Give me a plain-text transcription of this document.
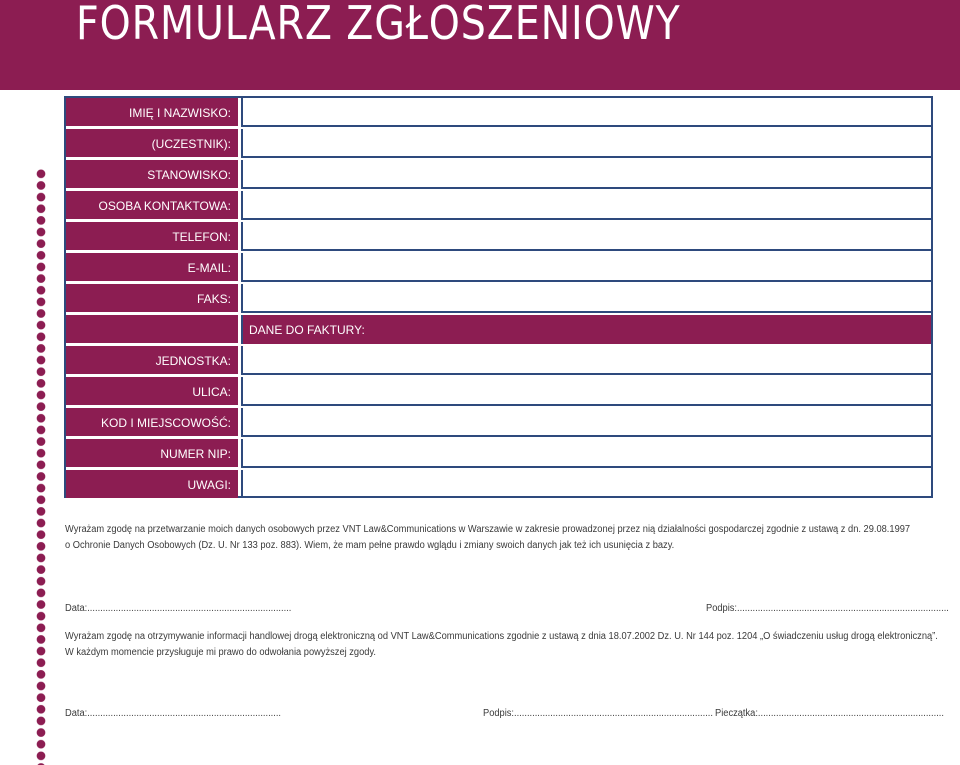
FORMULARZ ZGŁOSZENIOWY
IMIĘ I NAZWISKO:
(UCZESTNIK):
STANOWISKO:
OSOBA KONTAKTOWA:
TELEFON:
E-MAIL:
FAKS:
DANE DO FAKTURY:
JEDNOSTKA:
ULICA:
KOD I MIEJSCOWOŚĆ:
NUMER NIP:
UWAGI:
Wyrażam zgodę na przetwarzanie moich danych osobowych przez VNT Law&Communications w Warszawie w zakresie prowadzonej przez nią działalności gospodarczej zgodnie z ustawą z dn. 29.08.1997
o Ochronie Danych Osobowych (Dz. U. Nr 133 poz. 883). Wiem, że mam pełne prawdo wglądu i zmiany swoich danych jak też ich usunięcia z bazy.
Data:...............................................................................	Podpis:..................................................................................
Wyrażam zgodę na otrzymywanie informacji handlowej drogą elektroniczną od VNT Law&Communications zgodnie z ustawą z dnia 18.07.2002 Dz. U. Nr 144 poz. 1204 „O świadczeniu usług drogą elektroniczną”.
W każdym momencie przysługuje mi prawo do odwołania powyższej zgody.
Data:...........................................................................	Podpis:............................................................................. Pieczątka:........................................................................
